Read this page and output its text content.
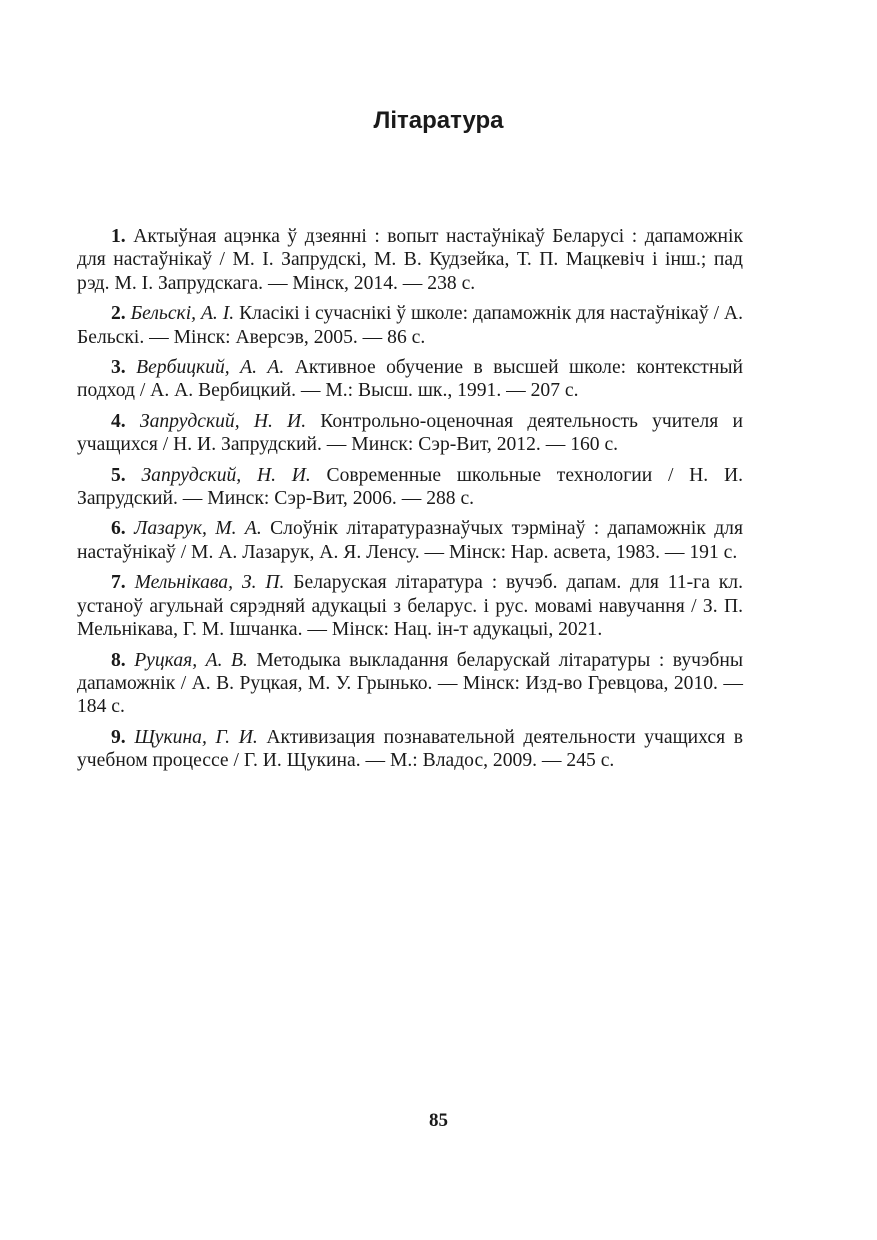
Літаратура
1. Актыўная ацэнка ў дзеянні : вопыт настаўнікаў Беларусі : дапаможнік для настаўнікаў / М. І. Запрудскі, М. В. Кудзейка, Т. П. Мацкевіч і інш.; пад рэд. М. І. Запрудскага. — Мінск, 2014. — 238 с.
2. Бельскі, А. І. Класікі і сучаснікі ў школе: дапаможнік для настаўнікаў / А. Бельскі. — Мінск: Аверсэв, 2005. — 86 с.
3. Вербицкий, А. А. Активное обучение в высшей школе: контекстный подход / А. А. Вербицкий. — М.: Высш. шк., 1991. — 207 с.
4. Запрудский, Н. И. Контрольно-оценочная деятельность учителя и учащихся / Н. И. Запрудский. — Минск: Сэр-Вит, 2012. — 160 с.
5. Запрудский, Н. И. Современные школьные технологии / Н. И. Запрудский. — Минск: Сэр-Вит, 2006. — 288 с.
6. Лазарук, М. А. Слоўнік літаратуразнаўчых тэрмінаў : дапаможнік для настаўнікаў / М. А. Лазарук, А. Я. Ленсу. — Мінск: Нар. асвета, 1983. — 191 с.
7. Мельнікава, З. П. Беларуская літаратура : вучэб. дапам. для 11-га кл. устаноў агульнай сярэдняй адукацыі з беларус. і рус. мовамі навучання / З. П. Мельнікава, Г. М. Ішчанка. — Мінск: Нац. ін-т адукацыі, 2021.
8. Руцкая, А. В. Методыка выкладання беларускай літаратуры : вучэбны дапаможнік / А. В. Руцкая, М. У. Грынько. — Мінск: Изд-во Гревцова, 2010. — 184 с.
9. Щукина, Г. И. Активизация познавательной деятельности учащихся в учебном процессе / Г. И. Щукина. — М.: Владос, 2009. — 245 с.
85
